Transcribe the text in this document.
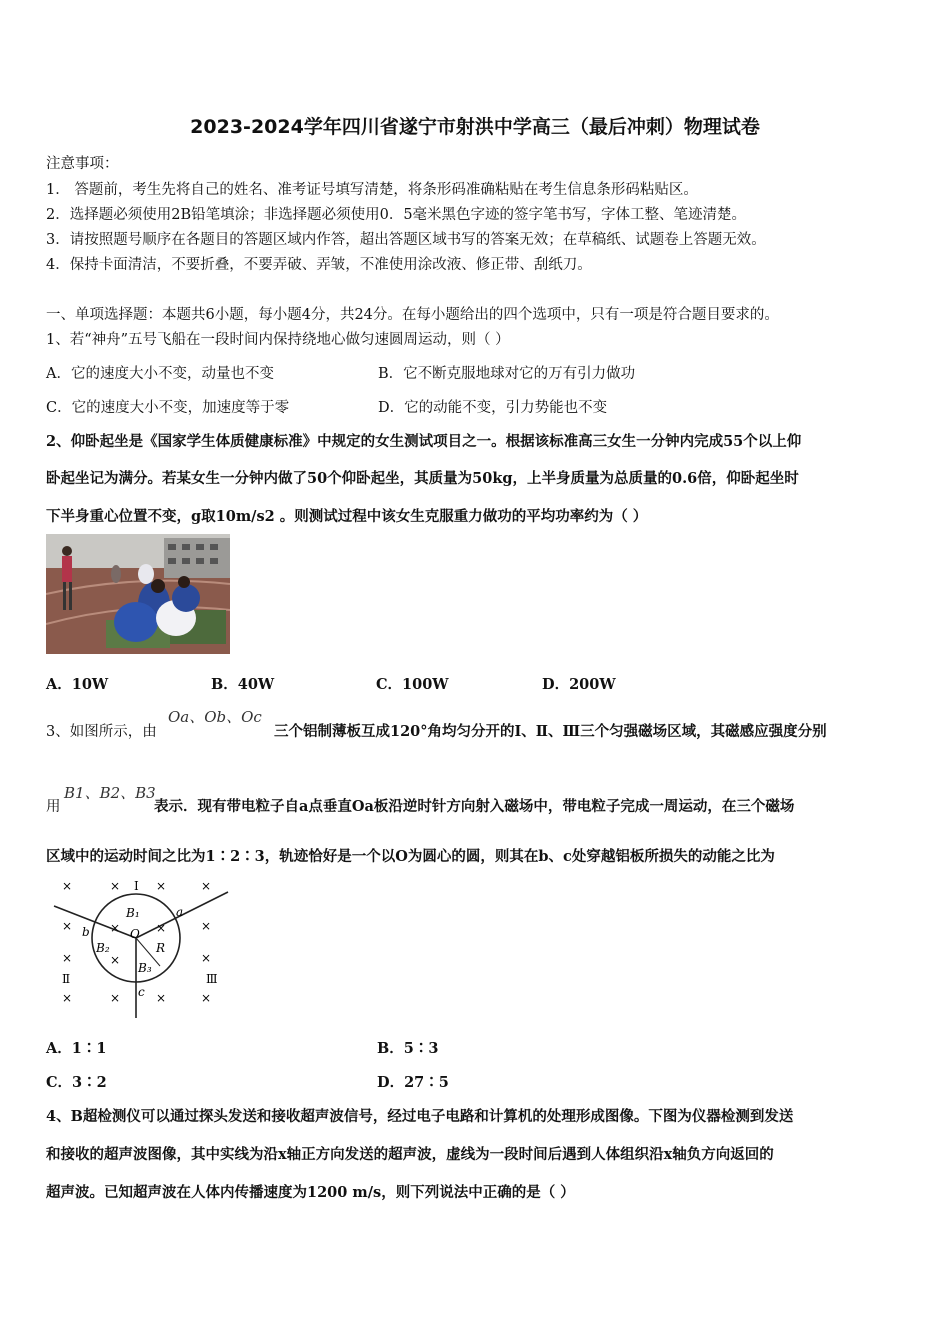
2023-2024学年四川省遂宁市射洪中学高三（最后冲刺）物理试卷
注意事项：
1． 答题前，考生先将自己的姓名、准考证号填写清楚，将条形码准确粘贴在考生信息条形码粘贴区。
2．选择题必须使用2B铅笔填涂；非选择题必须使用0．5毫米黑色字迹的签字笔书写，字体工整、笔迹清楚。
3．请按照题号顺序在各题目的答题区域内作答，超出答题区域书写的答案无效；在草稿纸、试题卷上答题无效。
4．保持卡面清洁，不要折叠，不要弄破、弄皱，不准使用涂改液、修正带、刮纸刀。
一、单项选择题：本题共6小题，每小题4分，共24分。在每小题给出的四个选项中，只有一项是符合题目要求的。
1、若“神舟”五号飞船在一段时间内保持绕地心做匀速圆周运动，则（ ）
A．它的速度大小不变，动量也不变	B．它不断克服地球对它的万有引力做功
C．它的速度大小不变，加速度等于零	D．它的动能不变，引力势能也不变
2、仰卧起坐是《国家学生体质健康标准》中规定的女生测试项目之一。根据该标准高三女生一分钟内完成55个以上仰
卧起坐记为满分。若某女生一分钟内做了50个仰卧起坐，其质量为50kg，上半身质量为总质量的0.6倍，仰卧起坐时
下半身重心位置不变，g取10m/s2 。则测试过程中该女生克服重力做功的平均功率约为（ ）
A．10W	B．40W	C．100W	D．200W
3、如图所示，由
Oa、Ob、Oc
三个铝制薄板互成120°角均匀分开的Ⅰ、Ⅱ、Ⅲ三个匀强磁场区域，其磁感应强度分别
用
B1、B2、B3
表示．现有带电粒子自a点垂直Oa板沿逆时针方向射入磁场中，带电粒子完成一周运动，在三个磁场
区域中的运动时间之比为1∶2∶3，轨迹恰好是一个以O为圆心的圆，则其在b、c处穿越铝板所损失的动能之比为
×	× Ⅰ ×	×
×	×
×	×
Ⅱ	Ⅲ
×	×	×	×
×
×
×
B₁
B₂
B₃
O
R
a
b
c
A．1∶1	B．5∶3
C．3∶2	D．27∶5
4、B超检测仪可以通过探头发送和接收超声波信号，经过电子电路和计算机的处理形成图像。下图为仪器检测到发送
和接收的超声波图像，其中实线为沿x轴正方向发送的超声波，虚线为一段时间后遇到人体组织沿x轴负方向返回的
超声波。已知超声波在人体内传播速度为1200 m/s，则下列说法中正确的是（ ）
